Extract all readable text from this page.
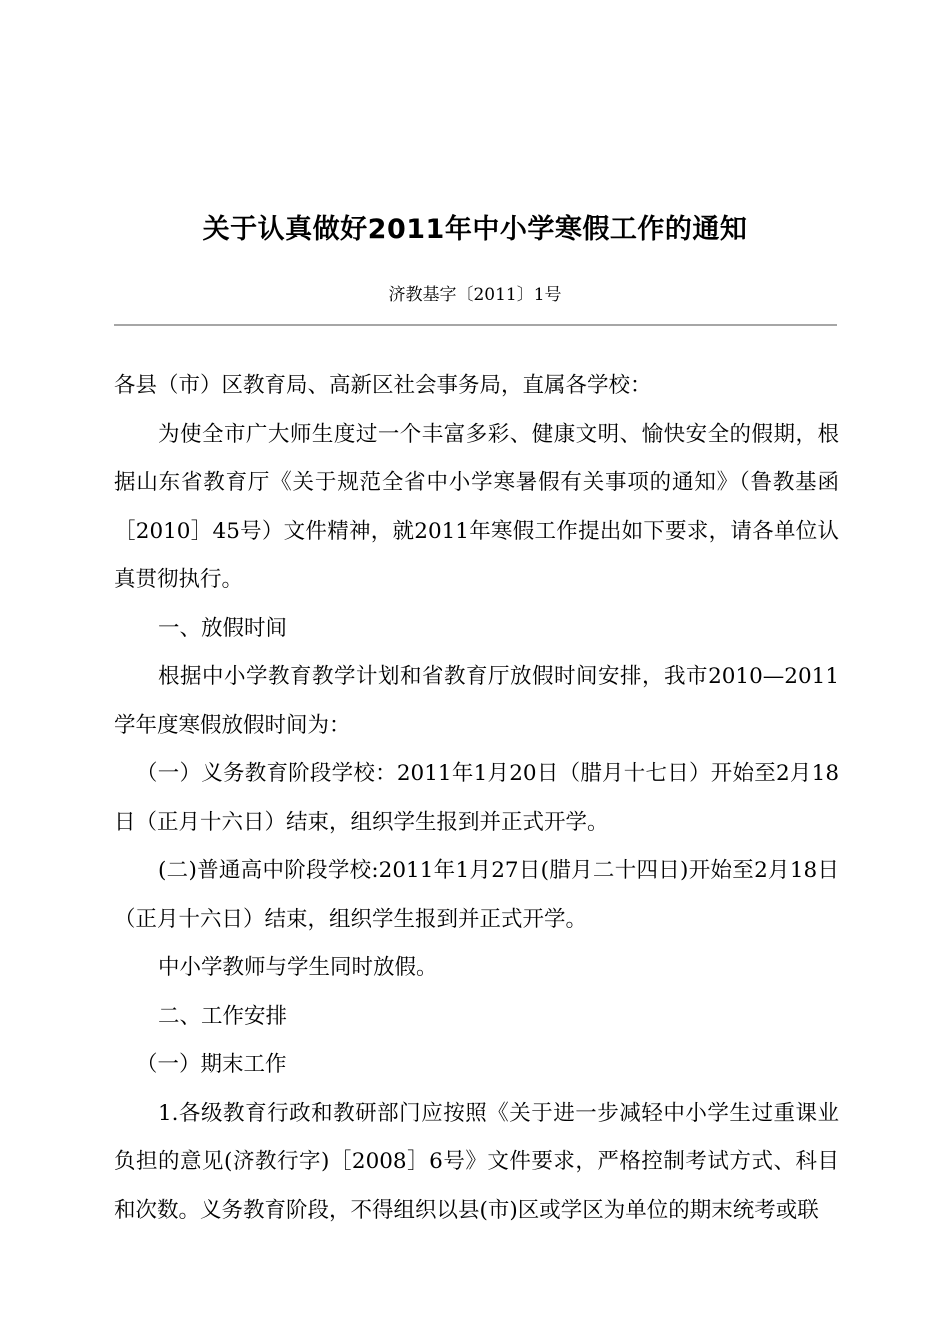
关于认真做好2011年中小学寒假工作的通知
济教基字〔2011〕1号

各县（市）区教育局、高新区社会事务局，直属各学校：

为使全市广大师生度过一个丰富多彩、健康文明、愉快安全的假期，根据山东省教育厅《关于规范全省中小学寒暑假有关事项的通知》（鲁教基函［2010］45号）文件精神，就2011年寒假工作提出如下要求，请各单位认真贯彻执行。

一、放假时间

根据中小学教育教学计划和省教育厅放假时间安排，我市2010—2011学年度寒假放假时间为：

（一）义务教育阶段学校：2011年1月20日（腊月十七日）开始至2月18日（正月十六日）结束，组织学生报到并正式开学。

(二)普通高中阶段学校:2011年1月27日(腊月二十四日)开始至2月18日（正月十六日）结束，组织学生报到并正式开学。

中小学教师与学生同时放假。

二、工作安排

（一）期末工作

1.各级教育行政和教研部门应按照《关于进一步减轻中小学生过重课业负担的意见(济教行字)［2008］6号》文件要求，严格控制考试方式、科目和次数。义务教育阶段，不得组织以县(市)区或学区为单位的期末统考或联
